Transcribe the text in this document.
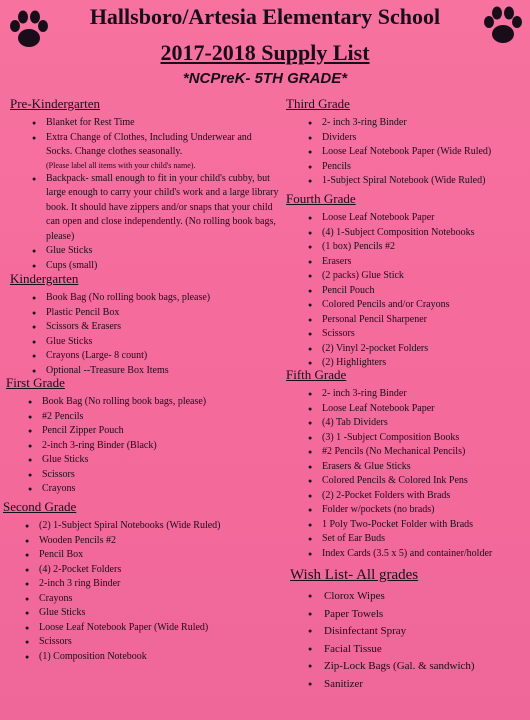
Hallsboro/Artesia Elementary School
2017-2018 Supply List
*NCPreK- 5TH GRADE*
Pre-Kindergarten
● Blanket for Rest Time
● Extra Change of Clothes, Including Underwear and Socks. Change clothes seasonally.
(Please label all items with your child's name).
● Backpack- small enough to fit in your child's cubby, but large enough to carry your child's work and a large library book. It should have zippers and/or snaps that your child can open and close independently. (No rolling book bags, please)
● Glue Sticks
● Cups (small)
Kindergarten
● Book Bag (No rolling book bags, please)
● Plastic Pencil Box
● Scissors & Erasers
● Glue Sticks
● Crayons (Large- 8 count)
● Optional --Treasure Box Items
First Grade
● Book Bag (No rolling book bags, please)
● #2 Pencils
● Pencil Zipper Pouch
● 2-inch 3-ring Binder (Black)
● Glue Sticks
● Scissors
● Crayons
Second Grade
● (2) 1-Subject Spiral Notebooks (Wide Ruled)
● Wooden Pencils #2
● Pencil Box
● (4) 2-Pocket Folders
● 2-inch 3 ring Binder
● Crayons
● Glue Sticks
● Loose Leaf Notebook Paper (Wide Ruled)
● Scissors
● (1) Composition Notebook
Third Grade
● 2- inch 3-ring Binder
● Dividers
● Loose Leaf Notebook Paper (Wide Ruled)
● Pencils
● 1-Subject Spiral Notebook (Wide Ruled)
Fourth Grade
● Loose Leaf Notebook Paper
● (4) 1-Subject Composition Notebooks
● (1 box) Pencils #2
● Erasers
● (2 packs) Glue Stick
● Pencil Pouch
● Colored Pencils and/or Crayons
● Personal Pencil Sharpener
● Scissors
● (2) Vinyl 2-pocket Folders
● (2) Highlighters
Fifth Grade
● 2- inch 3-ring Binder
● Loose Leaf Notebook Paper
● (4) Tab Dividers
● (3) 1 -Subject Composition Books
● #2 Pencils (No Mechanical Pencils)
● Erasers & Glue Sticks
● Colored Pencils & Colored Ink Pens
● (2) 2-Pocket Folders with Brads
● Folder w/pockets (no brads)
● 1 Poly Two-Pocket Folder with Brads
● Set of Ear Buds
● Index Cards (3.5 x 5) and container/holder
Wish List- All grades
● Clorox Wipes
● Paper Towels
● Disinfectant Spray
● Facial Tissue
● Zip-Lock Bags (Gal. & sandwich)
● Sanitizer
